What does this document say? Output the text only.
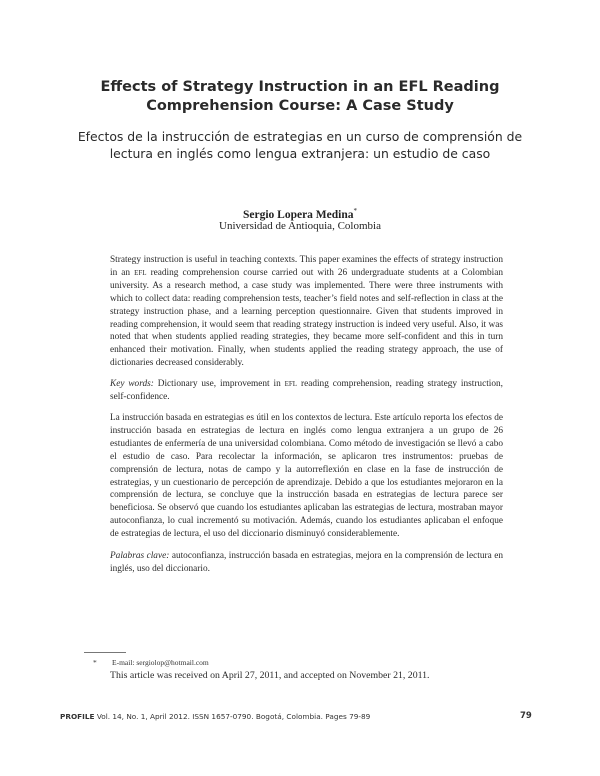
Effects of Strategy Instruction in an EFL Reading Comprehension Course: A Case Study
Efectos de la instrucción de estrategias en un curso de comprensión de lectura en inglés como lengua extranjera: un estudio de caso
Sergio Lopera Medina*
Universidad de Antioquia, Colombia
Strategy instruction is useful in teaching contexts. This paper examines the effects of strategy instruction in an efl reading comprehension course carried out with 26 undergraduate students at a Colombian university. As a research method, a case study was implemented. There were three instruments with which to collect data: reading comprehension tests, teacher’s field notes and self-reflection in class at the strategy instruction phase, and a learning perception questionnaire. Given that students improved in reading comprehension, it would seem that reading strategy instruction is indeed very useful. Also, it was noted that when students applied reading strategies, they became more self-confident and this in turn enhanced their motivation. Finally, when students applied the reading strategy approach, the use of dictionaries decreased considerably.
Key words: Dictionary use, improvement in efl reading comprehension, reading strategy instruction, self-confidence.
La instrucción basada en estrategias es útil en los contextos de lectura. Este artículo reporta los efectos de instrucción basada en estrategias de lectura en inglés como lengua extranjera a un grupo de 26 estudiantes de enfermería de una universidad colombiana. Como método de investigación se llevó a cabo el estudio de caso. Para recolectar la información, se aplicaron tres instrumentos: pruebas de comprensión de lectura, notas de campo y la autorreflexión en clase en la fase de instrucción de estrategias, y un cuestionario de percepción de aprendizaje. Debido a que los estudiantes mejoraron en la comprensión de lectura, se concluye que la instrucción basada en estrategias de lectura parece ser beneficiosa. Se observó que cuando los estudiantes aplicaban las estrategias de lectura, mostraban mayor autoconfianza, lo cual incrementó su motivación. Además, cuando los estudiantes aplicaban el enfoque de estrategias de lectura, el uso del diccionario disminuyó considerablemente.
Palabras clave: autoconfianza, instrucción basada en estrategias, mejora en la comprensión de lectura en inglés, uso del diccionario.
* E-mail: sergiolop@hotmail.com
This article was received on April 27, 2011, and accepted on November 21, 2011.
PROFILE Vol. 14, No. 1, April 2012. ISSN 1657-0790. Bogotá, Colombia. Pages 79-89	79
